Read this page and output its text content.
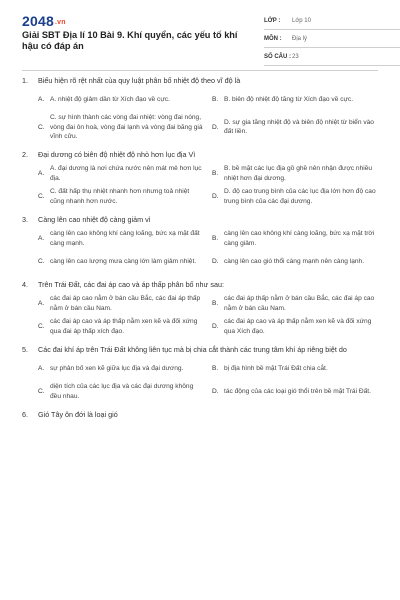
2048.vn
Giải SBT Địa lí 10 Bài 9. Khí quyển, các yếu tố khí hậu có đáp án
LỚP :	Lớp 10
MÔN :	Địa lý
SỐ CÂU : 23
1.	Biểu hiện rõ rệt nhất của quy luật phân bố nhiệt độ theo vĩ độ là
A. A. nhiệt độ giảm dần từ Xích đạo về cực.	B. B. biên độ nhiệt độ tăng từ Xích đạo về cực.
C.
C. sự hình thành các vòng đai nhiệt: vòng đai nóng, vòng đai ôn hoà, vòng đai lạnh và vòng đai băng giá vĩnh cửu.
D.
D. sự gia tăng nhiệt độ và biên độ nhiệt từ biển vào đất liền.
2.	Đại dương có biên độ nhiệt độ nhỏ hơn lục địa Vì
A.
A. đại dương là nơi chứa nước nên mát mẻ hơn lục địa.
B.
B. bề mặt các lục địa gồ ghề nên nhận được nhiều nhiệt hơn đại dương.
C.
C. đất hấp thụ nhiệt nhanh hơn nhưng toả nhiệt cũng nhanh hơn nước.
D.
D. độ cao trung bình của các lục địa lớn hơn độ cao trung bình của các đại dương.
3.	Càng lên cao nhiệt độ càng giảm vì
A.
càng lên cao không khí càng loãng, bức xạ mặt đất càng mạnh.
B.
càng lên cao không khí càng loãng, bức xạ mặt trời càng giảm.
C. càng lên cao lượng mưa càng lớn làm giảm nhiệt.	D. càng lên cao gió thổi càng mạnh nên càng lạnh.
4.	Trên Trái Đất, các đai áp cao và áp thấp phân bố như sau:
A.
các đai áp cao nằm ở bán cầu Bắc, các đai áp thấp nằm ở bán cầu Nam.
B.
các đai áp thấp nằm ở bán cầu Bắc, các đai áp cao nằm ở bán cầu Nam.
C.
các đai áp cao và áp thấp nằm xen kẽ và đối xứng qua đai áp thấp xích đạo.
D.
các đai áp cao và áp thấp nằm xen kẽ và đối xứng qua Xích đạo.
5.	Các đai khí áp trên Trái Đất không liên tục mà bị chia cắt thành các trung tâm khí áp riêng biệt do
A. sự phân bố xen kẽ giữa lục địa và đại dương.	B. bị địa hình bề mặt Trái Đất chia cắt.
C.
diện tích của các lục địa và các đại dương không đều nhau.
D. tác động của các loại gió thổi trên bề mặt Trái Đất.
6.	Gió Tây ôn đới là loại gió
